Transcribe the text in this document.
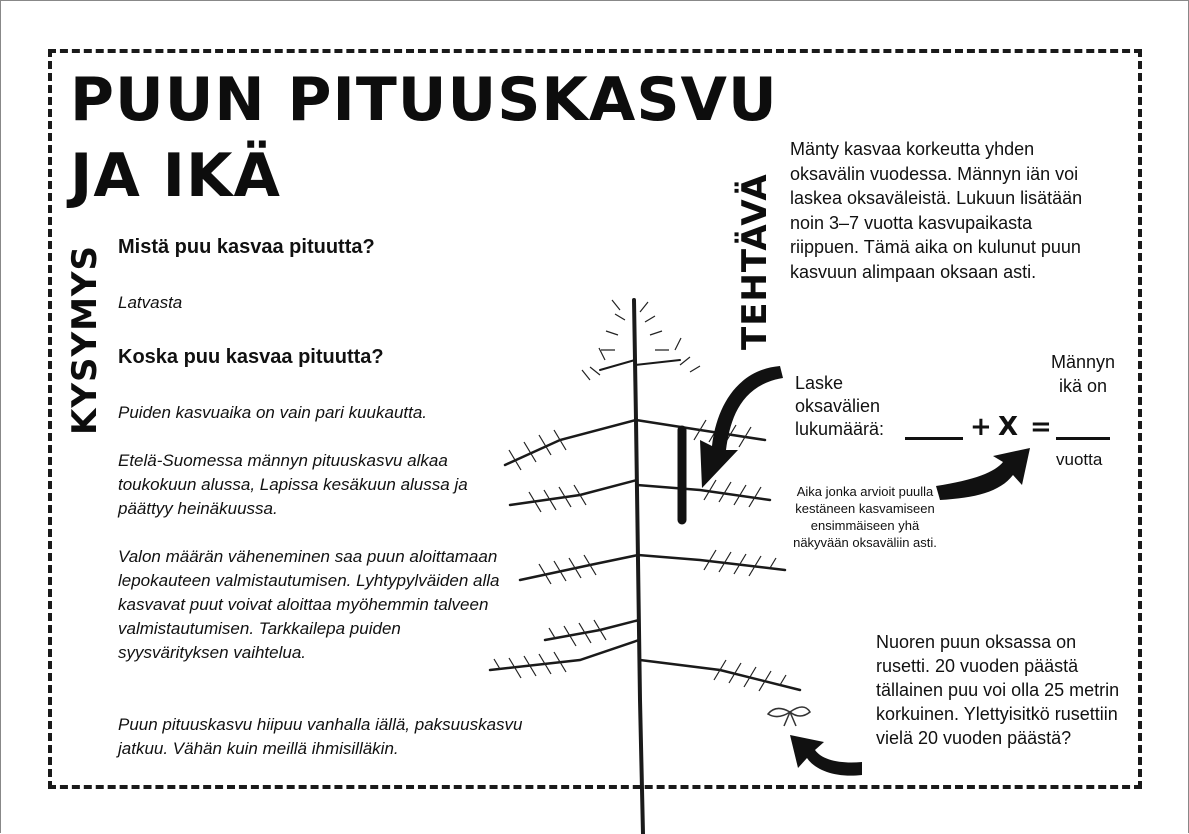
PUUN PITUUSKASVU
JA IKÄ
KYSYMYS Mistä puu kasvaa pituutta?

Latvasta

Koska puu kasvaa pituutta?

Puiden kasvuaika on vain pari kuukautta.

Etelä-Suomessa männyn pituuskasvu alkaa toukokuun alussa, Lapissa kesäkuun alussa ja päättyy heinäkuussa.

Valon määrän väheneminen saa puun aloittamaan lepokauteen valmistautumisen. Lyhtypylväiden alla kasvavat puut voivat aloittaa myöhemmin talveen valmistautumisen. Tarkkailepa puiden syysvärityksen vaihtelua.

Puun pituuskasvu hiipuu vanhalla iällä, paksuuskasvu jatkuu. Vähän kuin meillä ihmisilläkin.

TEHTÄVÄ

Mänty kasvaa korkeutta yhden oksavälin vuodessa. Männyn iän voi laskea oksaväleistä. Lukuun lisätään noin 3–7 vuotta kasvupaikasta riippuen. Tämä aika on kulunut puun kasvuun alimpaan oksaan asti.

Laske oksavälien lukumäärä:	+ X =

Männyn ikä on

vuotta

Aika jonka arvioit puulla kestäneen kasvamiseen ensimmäiseen yhä näkyvään oksaväliin asti.

Nuoren puun oksassa on rusetti. 20 vuoden päästä tällainen puu voi olla 25 metrin korkuinen. Ylettyisitkö rusettiin vielä 20 vuoden päästä?
